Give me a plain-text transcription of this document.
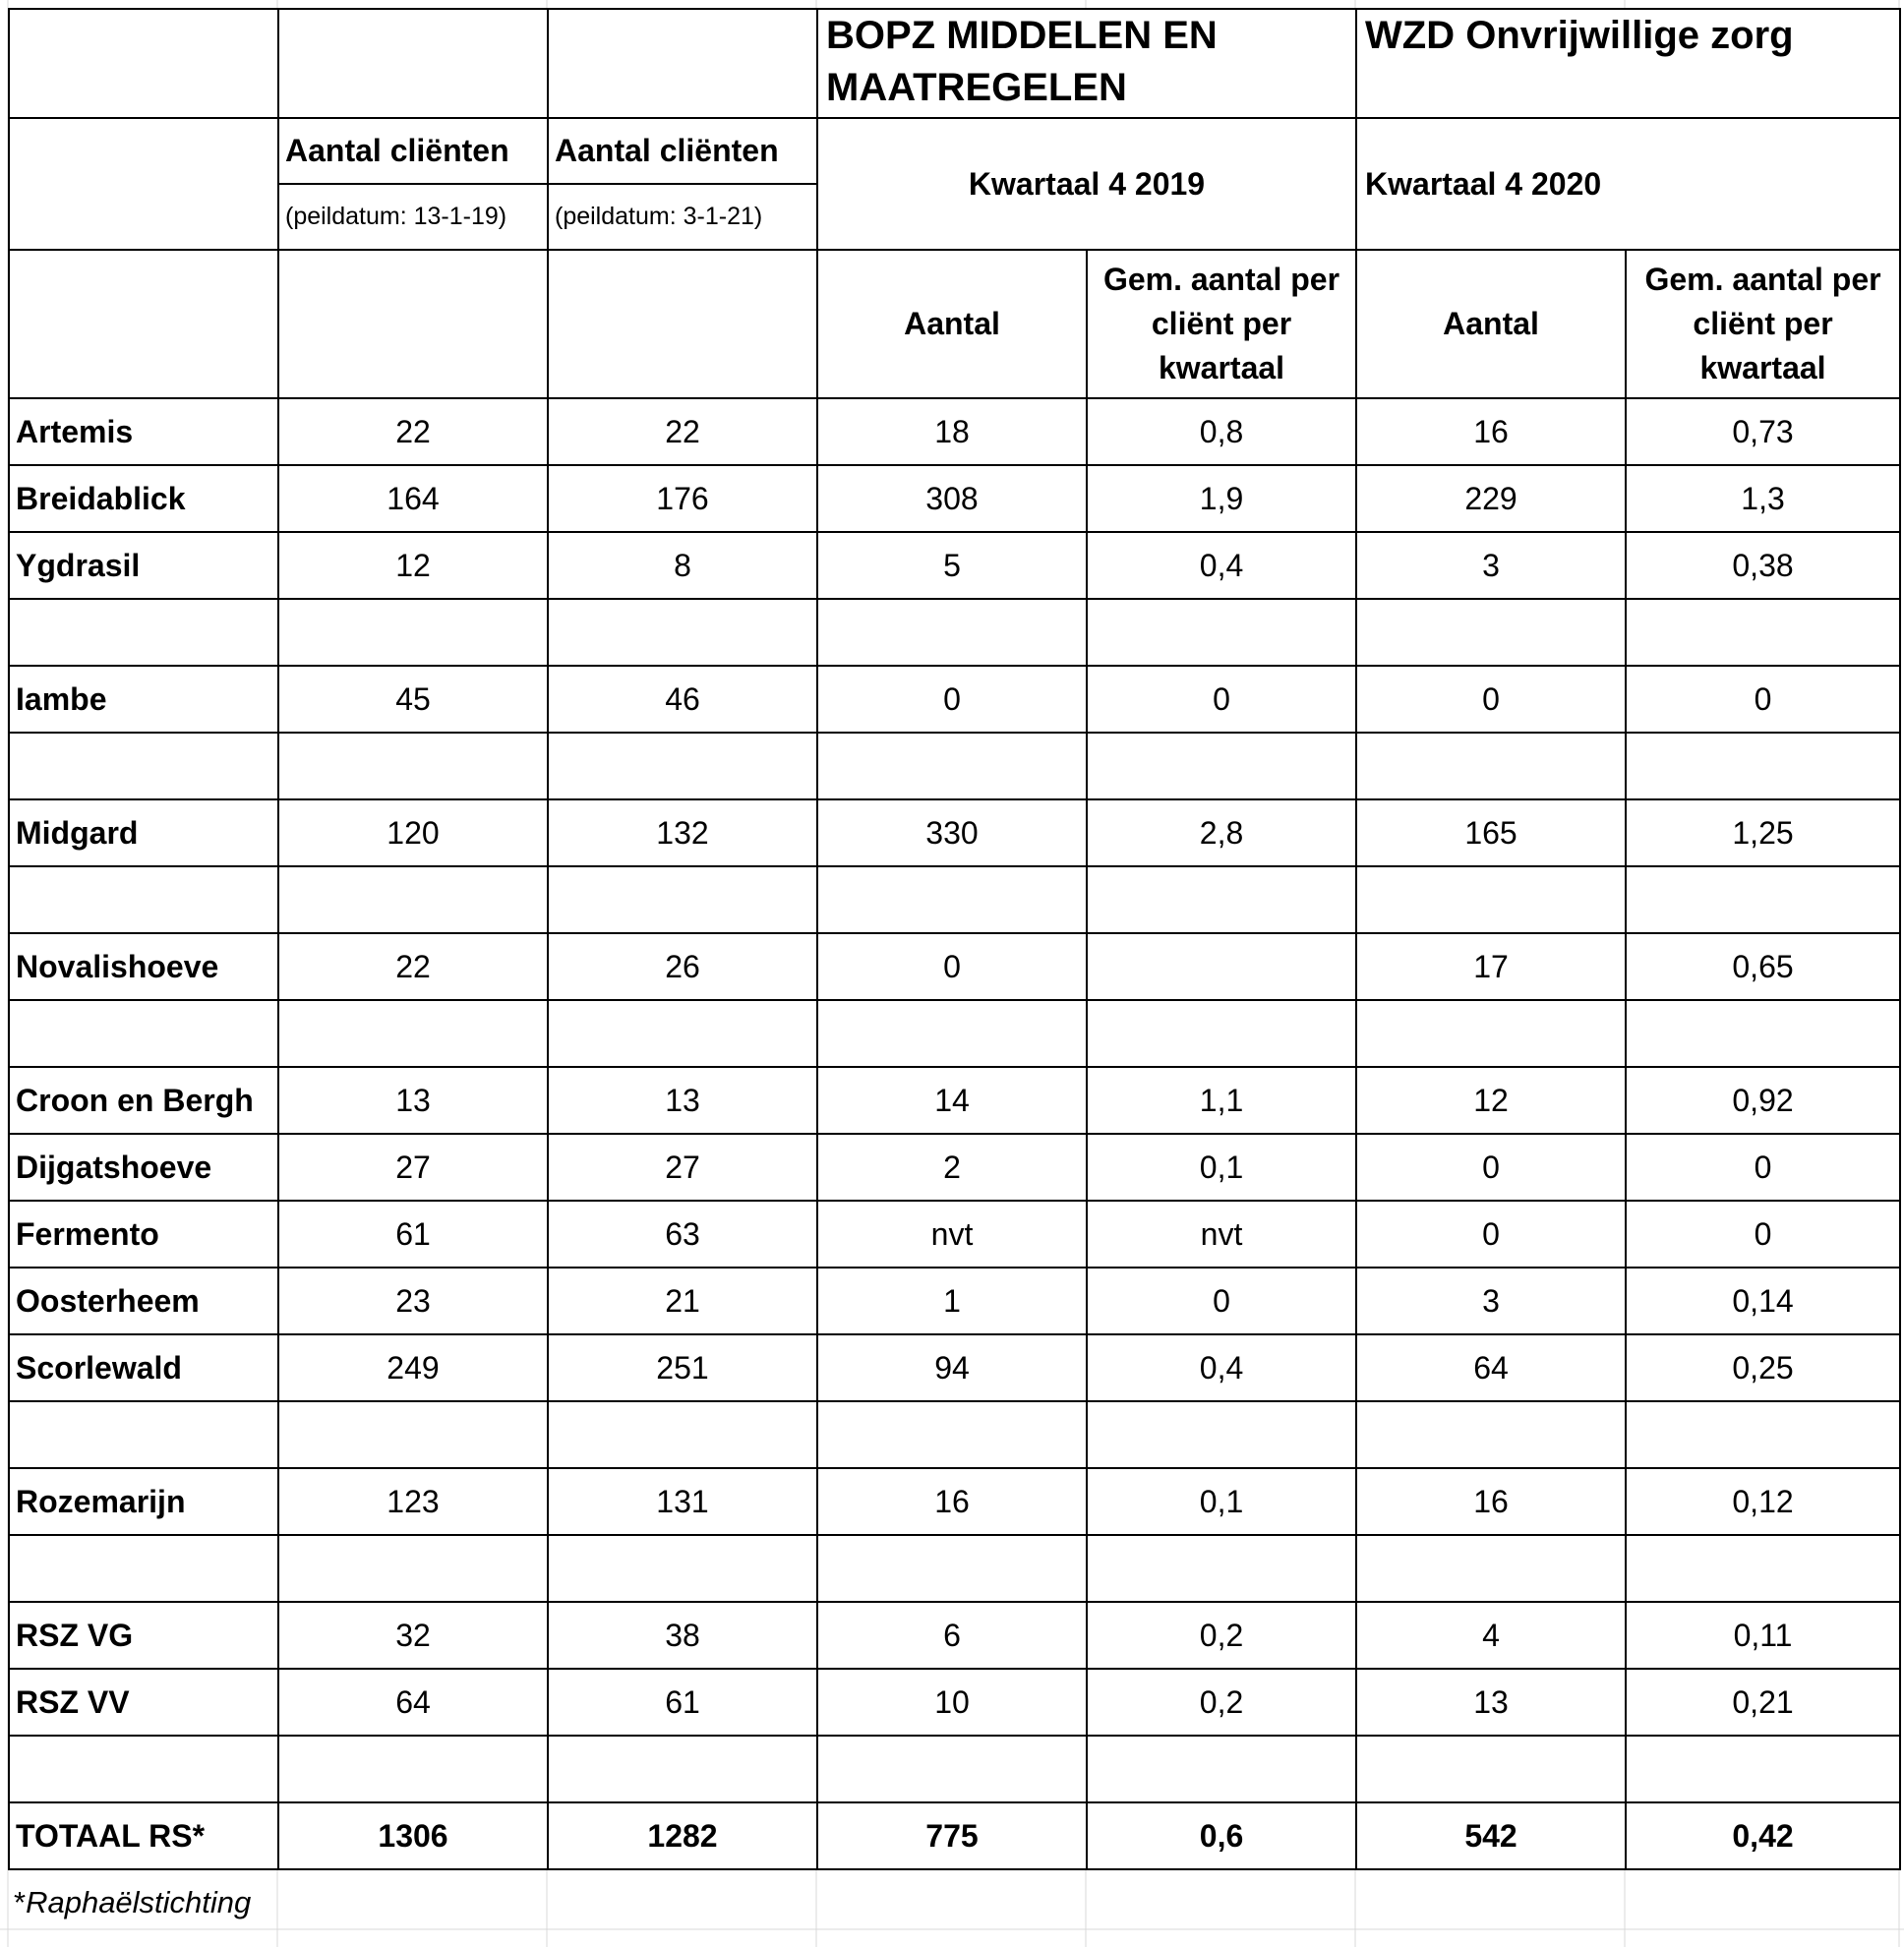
			BOPZ MIDDELEN EN MAATREGELEN		WZD Onvrijwillige zorg	
	Aantal cliënten	Aantal cliënten	Kwartaal 4 2019		Kwartaal 4 2020	
	(peildatum: 13-1-19)	(peildatum: 3-1-21)				
			Aantal	Gem. aantal per cliënt per kwartaal	Aantal	Gem. aantal per cliënt per kwartaal
Artemis	22	22	18	0,8	16	0,73
Breidablick	164	176	308	1,9	229	1,3
Ygdrasil	12	8	5	0,4	3	0,38

Iambe	45	46	0	0	0	0

Midgard	120	132	330	2,8	165	1,25

Novalishoeve	22	26	0		17	0,65

Croon en Bergh	13	13	14	1,1	12	0,92
Dijgatshoeve	27	27	2	0,1	0	0
Fermento	61	63	nvt	nvt	0	0
Oosterheem	23	21	1	0	3	0,14
Scorlewald	249	251	94	0,4	64	0,25

Rozemarijn	123	131	16	0,1	16	0,12

RSZ VG	32	38	6	0,2	4	0,11
RSZ VV	64	61	10	0,2	13	0,21

TOTAAL RS*	1306	1282	775	0,6	542	0,42
*Raphaëlstichting
